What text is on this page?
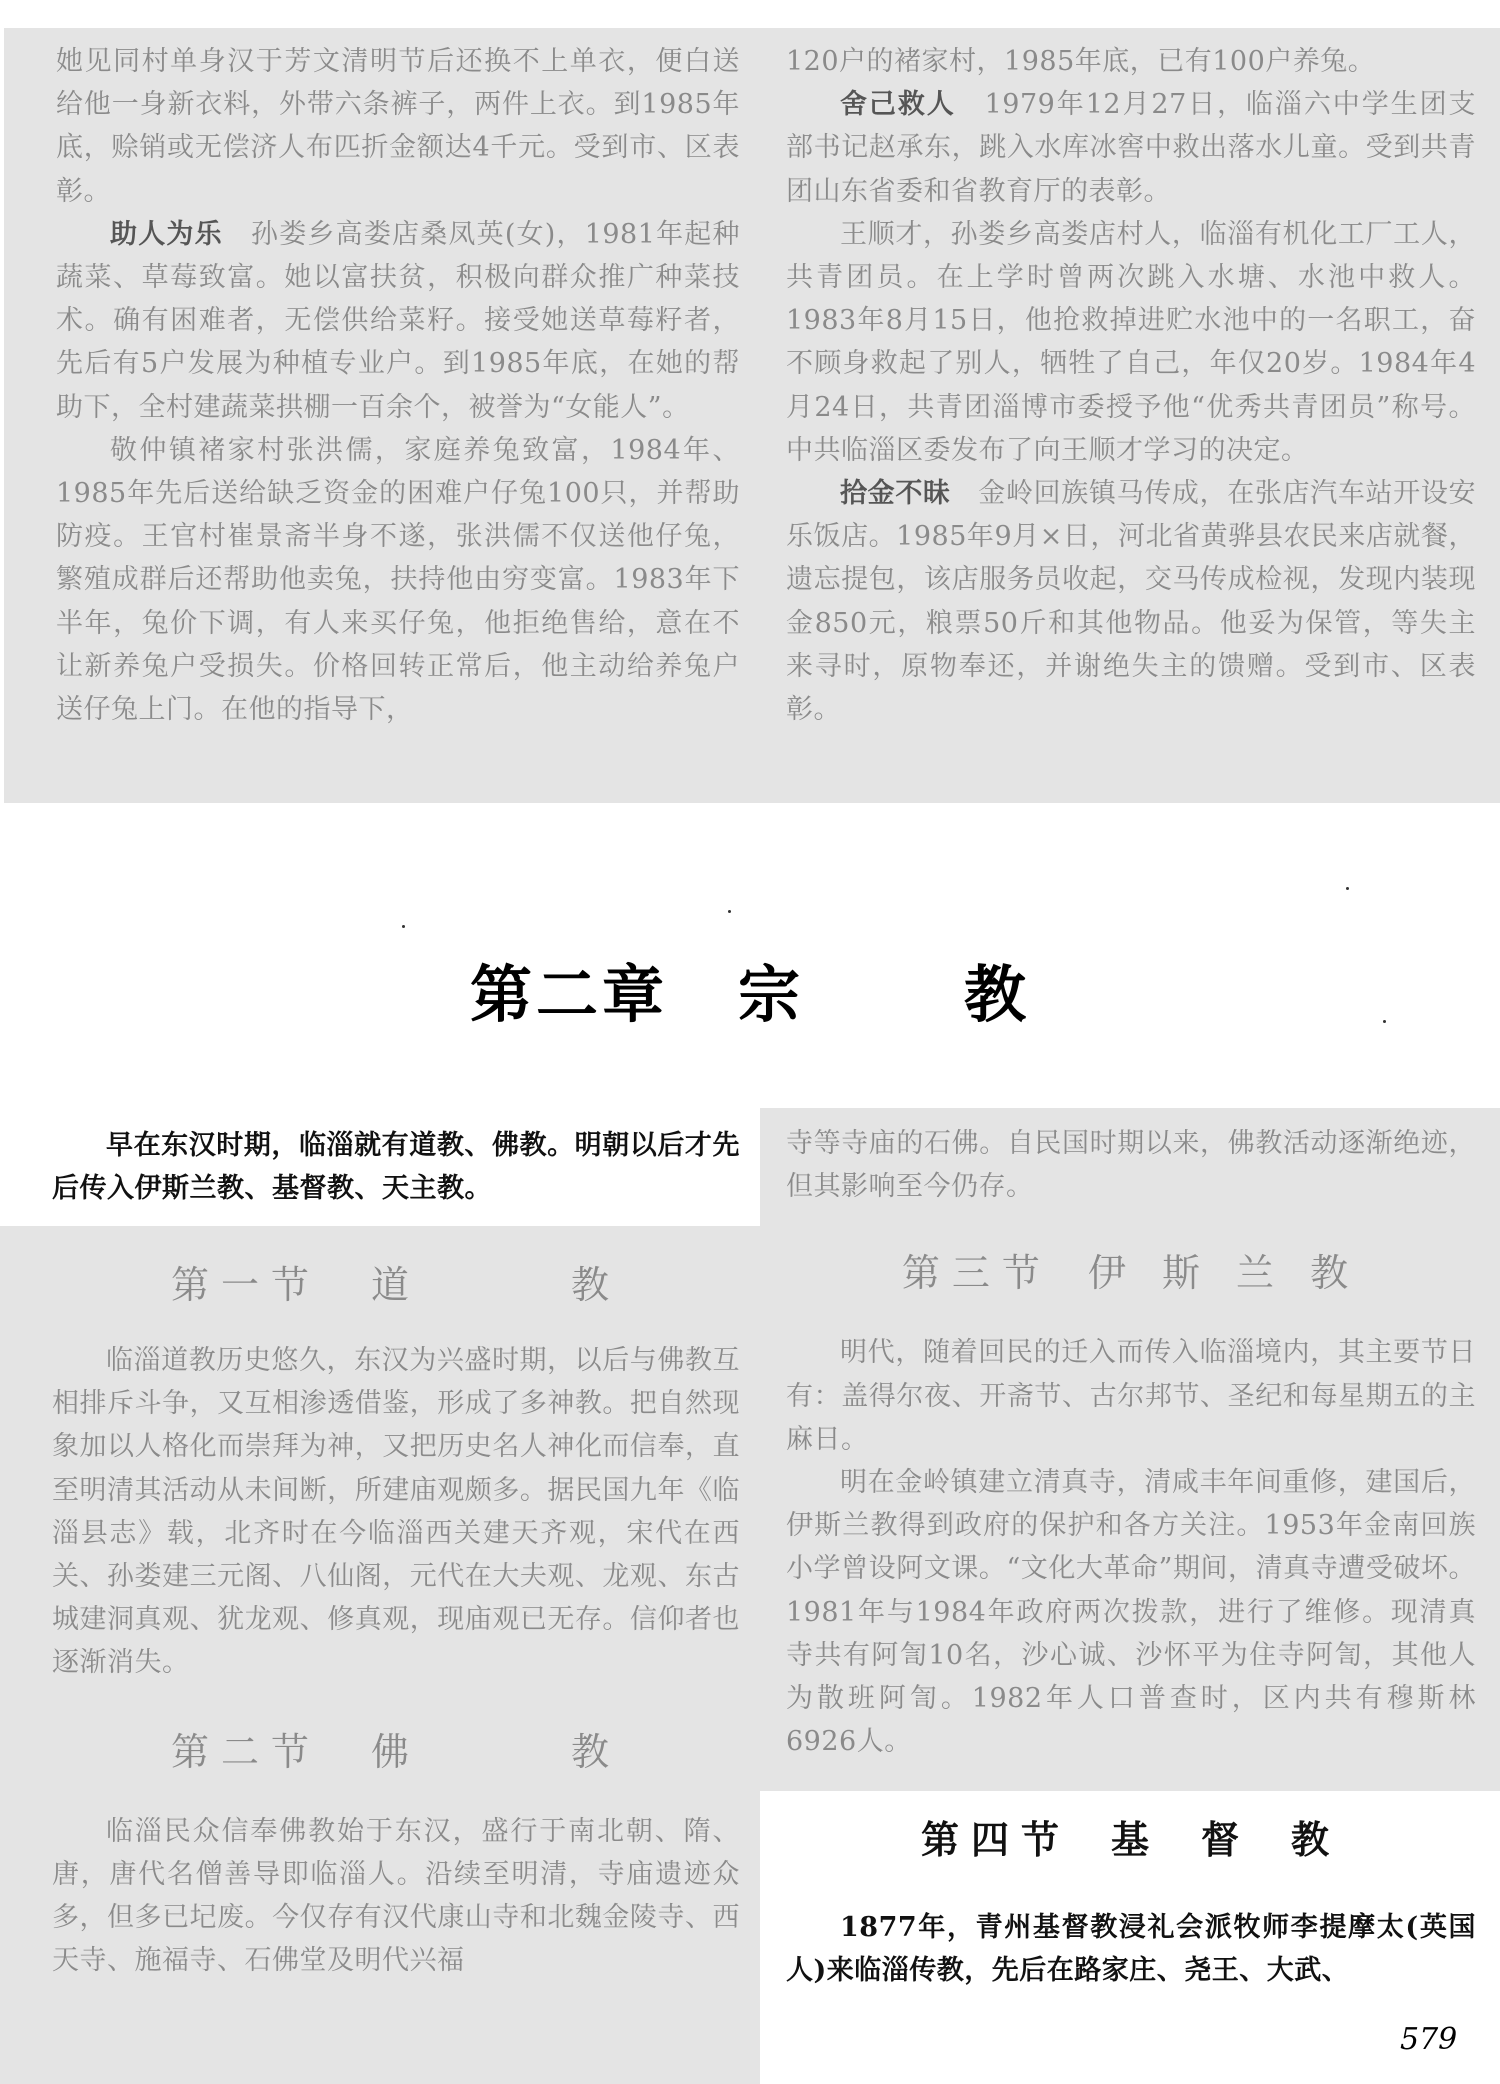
她见同村单身汉于芳文清明节后还换不上单衣，便白送给他一身新衣料，外带六条裤子，两件上衣。到1985年底，赊销或无偿济人布匹折金额达4千元。受到市、区表彰。

助人为乐　孙娄乡高娄店桑凤英(女)，1981年起种蔬菜、草莓致富。她以富扶贫，积极向群众推广种菜技术。确有困难者，无偿供给菜籽。接受她送草莓籽者，先后有5户发展为种植专业户。到1985年底，在她的帮助下，全村建蔬菜拱棚一百余个，被誉为“女能人”。

敬仲镇褚家村张洪儒，家庭养兔致富，1984年、1985年先后送给缺乏资金的困难户仔兔100只，并帮助防疫。王官村崔景斋半身不遂，张洪儒不仅送他仔兔，繁殖成群后还帮助他卖兔，扶持他由穷变富。1983年下半年，兔价下调，有人来买仔兔，他拒绝售给，意在不让新养兔户受损失。价格回转正常后，他主动给养兔户送仔兔上门。在他的指导下，

120户的褚家村，1985年底，已有100户养兔。

舍己救人　1979年12月27日，临淄六中学生团支部书记赵承东，跳入水库冰窖中救出落水儿童。受到共青团山东省委和省教育厅的表彰。

王顺才，孙娄乡高娄店村人，临淄有机化工厂工人，共青团员。在上学时曾两次跳入水塘、水池中救人。1983年8月15日，他抢救掉进贮水池中的一名职工，奋不顾身救起了别人，牺牲了自己，年仅20岁。1984年4月24日，共青团淄博市委授予他“优秀共青团员”称号。中共临淄区委发布了向王顺才学习的决定。

拾金不昧　金岭回族镇马传成，在张店汽车站开设安乐饭店。1985年9月×日，河北省黄骅县农民来店就餐，遗忘提包，该店服务员收起，交马传成检视，发现内装现金850元，粮票50斤和其他物品。他妥为保管，等失主来寻时，原物奉还，并谢绝失主的馈赠。受到市、区表彰。

第二章 宗	教

早在东汉时期，临淄就有道教、佛教。明朝以后才先后传入伊斯兰教、基督教、天主教。

第一节 道	教

临淄道教历史悠久，东汉为兴盛时期，以后与佛教互相排斥斗争，又互相渗透借鉴，形成了多神教。把自然现象加以人格化而崇拜为神，又把历史名人神化而信奉，直至明清其活动从未间断，所建庙观颇多。据民国九年《临淄县志》载，北齐时在今临淄西关建天齐观，宋代在西关、孙娄建三元阁、八仙阁，元代在大夫观、龙观、东古城建洞真观、犹龙观、修真观，现庙观已无存。信仰者也逐渐消失。

第二节 佛	教

临淄民众信奉佛教始于东汉，盛行于南北朝、隋、唐，唐代名僧善导即临淄人。沿续至明清，寺庙遗迹众多，但多已圮废。今仅存有汉代康山寺和北魏金陵寺、西天寺、施福寺、石佛堂及明代兴福

寺等寺庙的石佛。自民国时期以来，佛教活动逐渐绝迹，但其影响至今仍存。

第三节 伊 斯 兰 教

明代，随着回民的迁入而传入临淄境内，其主要节日有：盖得尔夜、开斋节、古尔邦节、圣纪和每星期五的主麻日。

明在金岭镇建立清真寺，清咸丰年间重修，建国后，伊斯兰教得到政府的保护和各方关注。1953年金南回族小学曾设阿文课。“文化大革命”期间，清真寺遭受破坏。1981年与1984年政府两次拨款，进行了维修。现清真寺共有阿訇10名，沙心诚、沙怀平为住寺阿訇，其他人为散班阿訇。1982年人口普查时，区内共有穆斯林6926人。

第四节 基 督 教

1877年，青州基督教浸礼会派牧师李提摩太(英国人)来临淄传教，先后在路家庄、尧王、大武、

579
